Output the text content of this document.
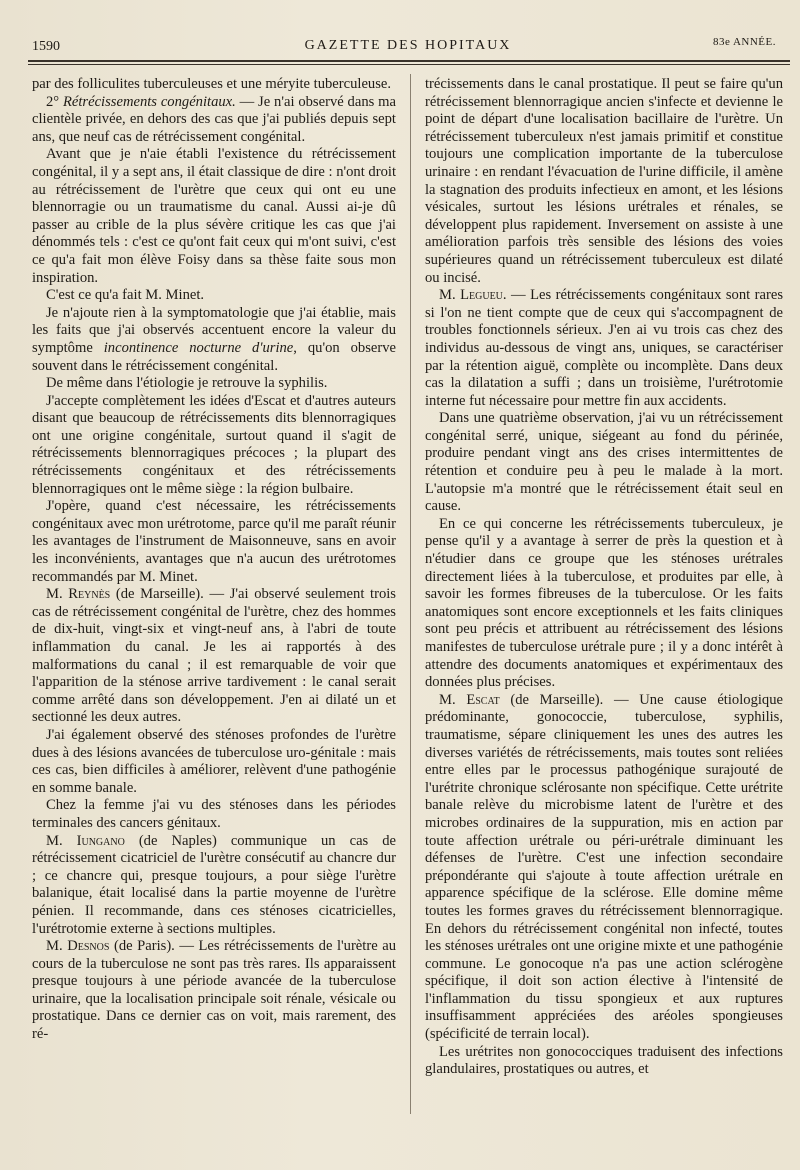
1590	GAZETTE DES HOPITAUX	83e ANNÉE.

par des folliculites tuberculeuses et une méryite tuberculeuse.

2° Rétrécissements congénitaux. — Je n'ai observé dans ma clientèle privée, en dehors des cas que j'ai publiés depuis sept ans, que neuf cas de rétrécissement congénital.

Avant que je n'aie établi l'existence du rétrécissement congénital, il y a sept ans, il était classique de dire : n'ont droit au rétrécissement de l'urètre que ceux qui ont eu une blennorragie ou un traumatisme du canal. Aussi ai-je dû passer au crible de la plus sévère critique les cas que j'ai dénommés tels : c'est ce qu'ont fait ceux qui m'ont suivi, c'est ce qu'a fait mon élève Foisy dans sa thèse faite sous mon inspiration.

C'est ce qu'a fait M. Minet.

Je n'ajoute rien à la symptomatologie que j'ai établie, mais les faits que j'ai observés accentuent encore la valeur du symptôme incontinence nocturne d'urine, qu'on observe souvent dans le rétrécissement congénital.

De même dans l'étiologie je retrouve la syphilis.

J'accepte complètement les idées d'Escat et d'autres auteurs disant que beaucoup de rétrécissements dits blennorragiques ont une origine congénitale, surtout quand il s'agit de rétrécissements blennorragiques précoces ; la plupart des rétrécissements congénitaux et des rétrécissements blennorragiques ont le même siège : la région bulbaire.

J'opère, quand c'est nécessaire, les rétrécissements congénitaux avec mon urétrotome, parce qu'il me paraît réunir les avantages de l'instrument de Maisonneuve, sans en avoir les inconvénients, avantages que n'a aucun des urétrotomes recommandés par M. Minet.

M. Reynès (de Marseille). — J'ai observé seulement trois cas de rétrécissement congénital de l'urètre, chez des hommes de dix-huit, vingt-six et vingt-neuf ans, à l'abri de toute inflammation du canal. Je les ai rapportés à des malformations du canal ; il est remarquable de voir que l'apparition de la sténose arrive tardivement : le canal serait comme arrêté dans son développement. J'en ai dilaté un et sectionné les deux autres.

J'ai également observé des sténoses profondes de l'urètre dues à des lésions avancées de tuberculose uro-génitale : mais ces cas, bien difficiles à améliorer, relèvent d'une pathogénie en somme banale.

Chez la femme j'ai vu des sténoses dans les périodes terminales des cancers génitaux.

M. Iungano (de Naples) communique un cas de rétrécissement cicatriciel de l'urètre consécutif au chancre dur ; ce chancre qui, presque toujours, a pour siège l'urètre balanique, était localisé dans la partie moyenne de l'urètre pénien. Il recommande, dans ces sténoses cicatricielles, l'urétrotomie externe à sections multiples.

M. Desnos (de Paris). — Les rétrécissements de l'urètre au cours de la tuberculose ne sont pas très rares. Ils apparaissent presque toujours à une période avancée de la tuberculose urinaire, que la localisation principale soit rénale, vésicale ou prostatique. Dans ce dernier cas on voit, mais rarement, des ré-

trécissements dans le canal prostatique. Il peut se faire qu'un rétrécissement blennorragique ancien s'infecte et devienne le point de départ d'une localisation bacillaire de l'urètre. Un rétrécissement tuberculeux n'est jamais primitif et constitue toujours une complication importante de la tuberculose urinaire : en rendant l'évacuation de l'urine difficile, il amène la stagnation des produits infectieux en amont, et les lésions vésicales, surtout les lésions urétrales et rénales, se développent plus rapidement. Inversement on assiste à une amélioration parfois très sensible des lésions des voies supérieures quand un rétrécissement tuberculeux est dilaté ou incisé.

M. Legueu. — Les rétrécissements congénitaux sont rares si l'on ne tient compte que de ceux qui s'accompagnent de troubles fonctionnels sérieux. J'en ai vu trois cas chez des individus au-dessous de vingt ans, uniques, se caractériser par la rétention aiguë, complète ou incomplète. Dans deux cas la dilatation a suffi ; dans un troisième, l'urétrotomie interne fut nécessaire pour mettre fin aux accidents.

Dans une quatrième observation, j'ai vu un rétrécissement congénital serré, unique, siégeant au fond du périnée, produire pendant vingt ans des crises intermittentes de rétention et conduire peu à peu le malade à la mort. L'autopsie m'a montré que le rétrécissement était seul en cause.

En ce qui concerne les rétrécissements tuberculeux, je pense qu'il y a avantage à serrer de près la question et à n'étudier dans ce groupe que les sténoses urétrales directement liées à la tuberculose, et produites par elle, à savoir les formes fibreuses de la tuberculose. Or les faits anatomiques sont encore exceptionnels et les faits cliniques sont peu précis et attribuent au rétrécissement des lésions manifestes de tuberculose urétrale pure ; il y a donc intérêt à attendre des documents anatomiques et expérimentaux des données plus précises.

M. Escat (de Marseille). — Une cause étiologique prédominante, gonococcie, tuberculose, syphilis, traumatisme, sépare cliniquement les unes des autres les diverses variétés de rétrécissements, mais toutes sont reliées entre elles par le processus pathogénique surajouté de l'urétrite chronique sclérosante non spécifique. Cette urétrite banale relève du microbisme latent de l'urètre et des microbes ordinaires de la suppuration, mis en action par toute affection urétrale ou péri-urétrale diminuant les défenses de l'urètre. C'est une infection secondaire prépondérante qui s'ajoute à toute affection urétrale en apparence spécifique de la sclérose. Elle domine même toutes les formes graves du rétrécissement blennorragique. En dehors du rétrécissement congénital non infecté, toutes les sténoses urétrales ont une origine mixte et une pathogénie commune. Le gonocoque n'a pas une action sclérogène spécifique, il doit son action élective à l'intensité de l'inflammation du tissu spongieux et aux ruptures insuffisamment appréciées des aréoles spongieuses (spécificité de terrain local).

Les urétrites non gonococciques traduisent des infections glandulaires, prostatiques ou autres, et
